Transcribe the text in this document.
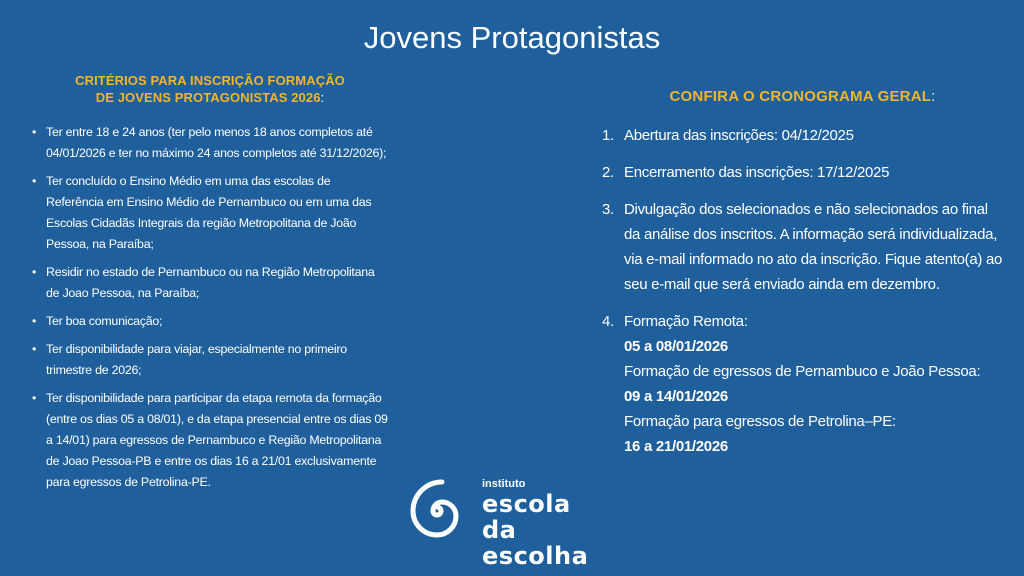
Jovens Protagonistas
CRITÉRIOS PARA INSCRIÇÃO FORMAÇÃO
DE JOVENS PROTAGONISTAS 2026:
• Ter entre 18 e 24 anos (ter pelo menos 18 anos completos até 04/01/2026 e ter no máximo 24 anos completos até 31/12/2026);
• Ter concluído o Ensino Médio em uma das escolas de Referência em Ensino Médio de Pernambuco ou em uma das Escolas Cidadãs Integrais da região Metropolitana de João Pessoa, na Paraíba;
• Residir no estado de Pernambuco ou na Região Metropolitana de Joao Pessoa, na Paraíba;
• Ter boa comunicação;
• Ter disponibilidade para viajar, especialmente no primeiro trimestre de 2026;
• Ter disponibilidade para participar da etapa remota da formação (entre os dias 05 a 08/01), e da etapa presencial entre os dias 09 a 14/01) para egressos de Pernambuco e Região Metropolitana de Joao Pessoa-PB e entre os dias 16 a 21/01 exclusivamente para egressos de Petrolina-PE.
CONFIRA O CRONOGRAMA GERAL:
1. Abertura das inscrições: 04/12/2025
2. Encerramento das inscrições: 17/12/2025
3. Divulgação dos selecionados e não selecionados ao final da análise dos inscritos. A informação será individualizada, via e-mail informado no ato da inscrição. Fique atento(a) ao seu e-mail que será enviado ainda em dezembro.
4. Formação Remota:
05 a 08/01/2026
Formação de egressos de Pernambuco e João Pessoa:
09 a 14/01/2026
Formação para egressos de Petrolina–PE:
16 a 21/01/2026
instituto
escola
da escolha
